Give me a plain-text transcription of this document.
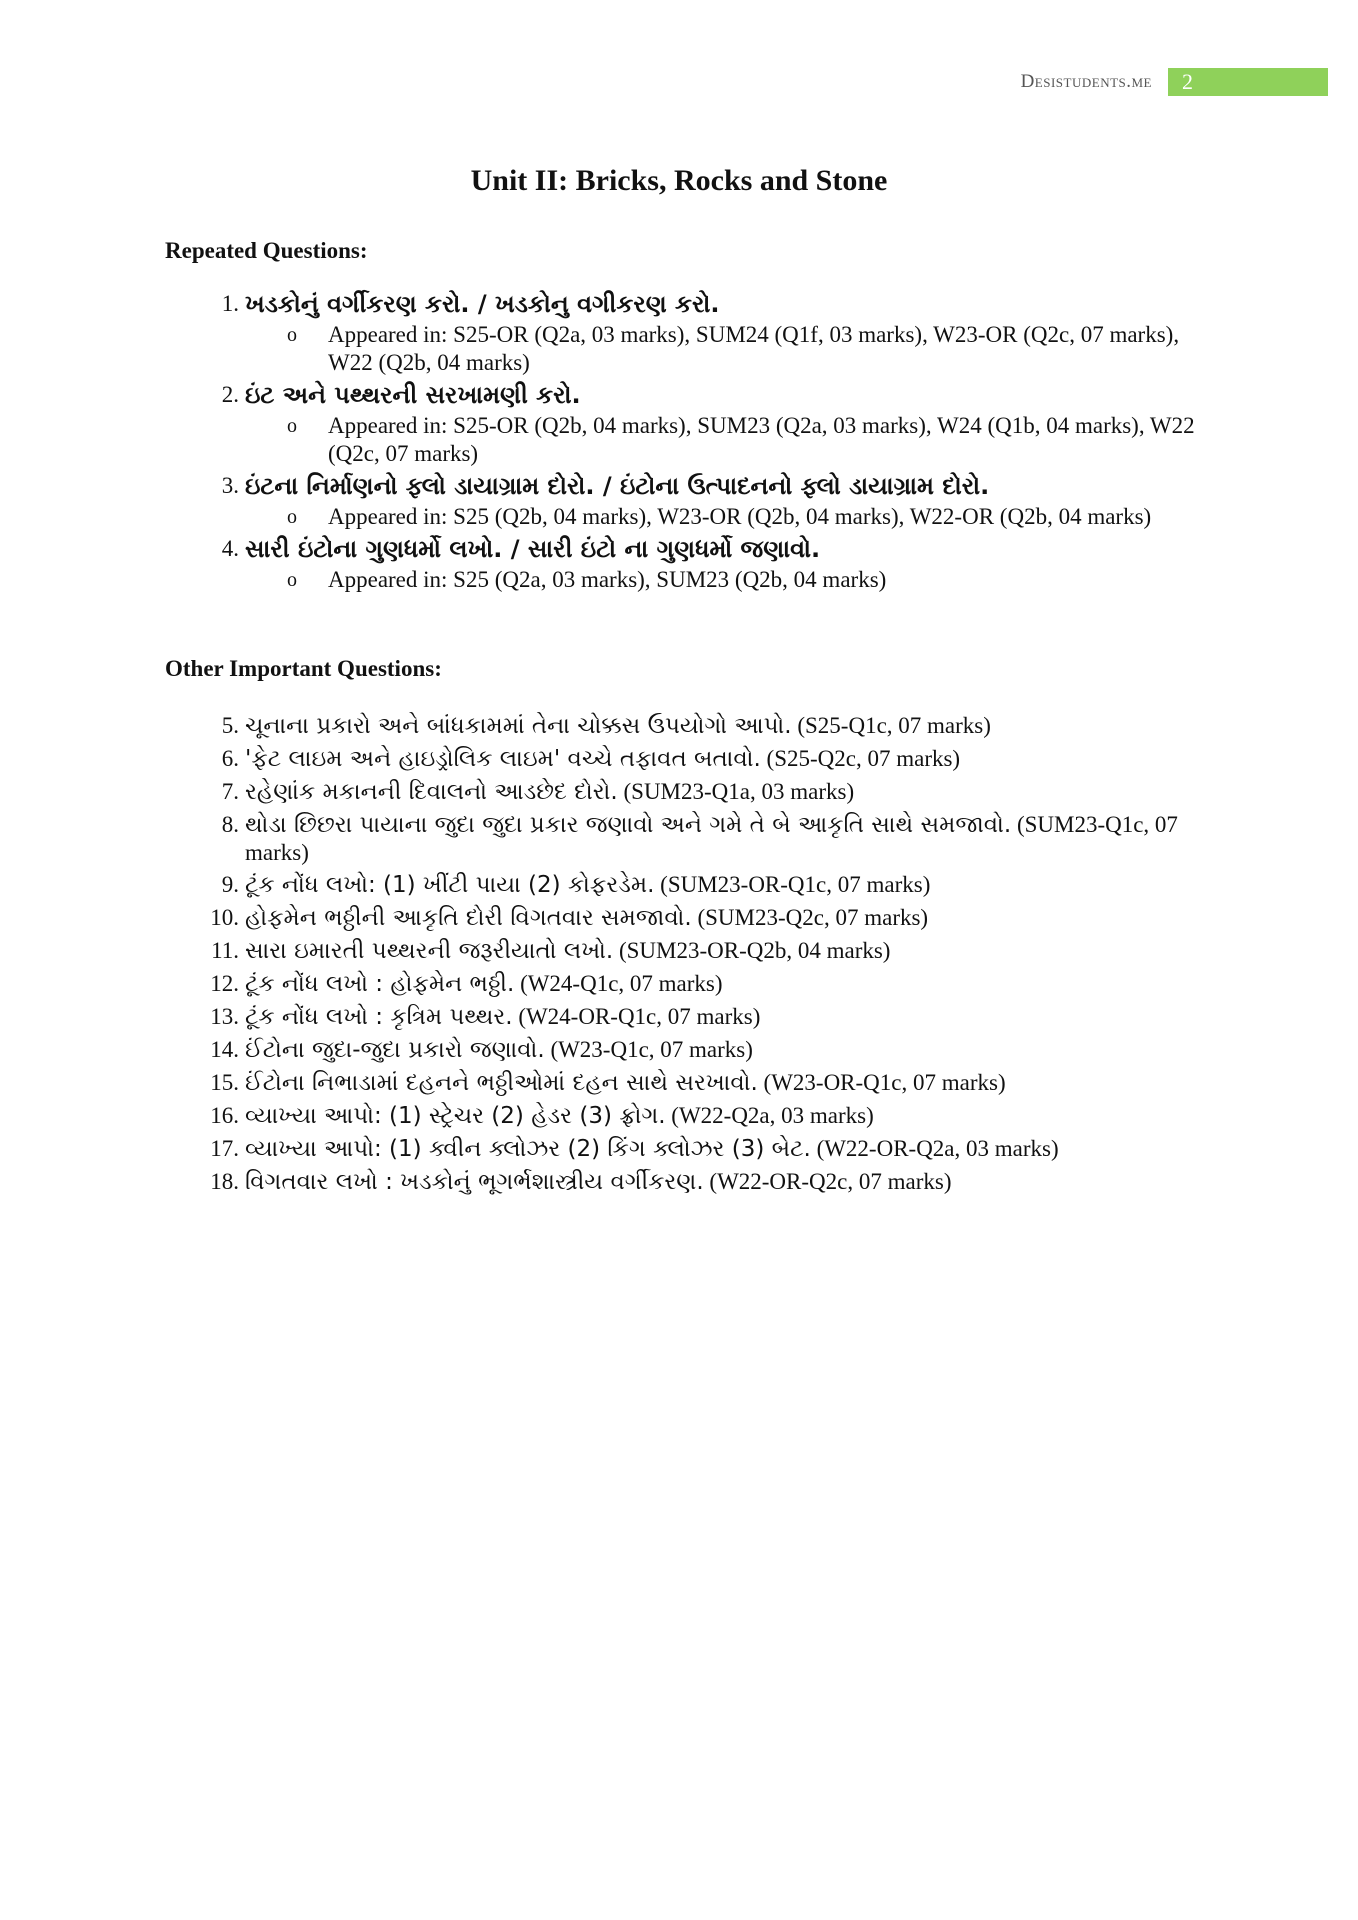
Desistudents.me	2
Unit II: Bricks, Rocks and Stone
Repeated Questions:
1. ખડકોનું વર્ગીકરણ કરો. / ખડકોનુ વગીકરણ કરો.
o Appeared in: S25-OR (Q2a, 03 marks), SUM24 (Q1f, 03 marks), W23-OR (Q2c, 07 marks), W22 (Q2b, 04 marks)
2. ઇંટ અને પથ્થરની સરખામણી કરો.
o Appeared in: S25-OR (Q2b, 04 marks), SUM23 (Q2a, 03 marks), W24 (Q1b, 04 marks), W22 (Q2c, 07 marks)
3. ઇંટના નિર્માણનો ફ્લો ડાયાગ્રામ દોરો. / ઇંટોના ઉત્પાદનનો ફ્લો ડાયાગ્રામ દોરો.
o Appeared in: S25 (Q2b, 04 marks), W23-OR (Q2b, 04 marks), W22-OR (Q2b, 04 marks)
4. સારી ઇંટોના ગુણધર્મો લખો. / સારી ઇંટો ના ગુણધર્મો જણાવો.
o Appeared in: S25 (Q2a, 03 marks), SUM23 (Q2b, 04 marks)
Other Important Questions:
5. ચૂનાના પ્રકારો અને બાંધકામમાં તેના ચોક્કસ ઉપયોગો આપો. (S25-Q1c, 07 marks)
6. 'ફેટ લાઇમ અને હાઇડ્રોલિક લાઇમ' વચ્ચે તફાવત બતાવો. (S25-Q2c, 07 marks)
7. રહેણાંક મકાનની દિવાલનો આડછેદ દોરો. (SUM23-Q1a, 03 marks)
8. થોડા છિછરા પાયાના જુદા જુદા પ્રકાર જણાવો અને ગમે તે બે આકૃતિ સાથે સમજાવો. (SUM23-Q1c, 07 marks)
9. ટૂંક નોંધ લખો: (1) ખીંટી પાયા (2) કોફરડેમ. (SUM23-OR-Q1c, 07 marks)
10. હોફમેન ભઠ્ઠીની આકૃતિ દોરી વિગતવાર સમજાવો. (SUM23-Q2c, 07 marks)
11. સારા ઇમારતી પથ્થરની જરૂરીયાતો લખો. (SUM23-OR-Q2b, 04 marks)
12. ટૂંક નોંધ લખો : હોફમેન ભઠ્ઠી. (W24-Q1c, 07 marks)
13. ટૂંક નોંધ લખો : કૃત્રિમ પથ્થર. (W24-OR-Q1c, 07 marks)
14. ઈંટોના જુદા-જુદા પ્રકારો જણાવો. (W23-Q1c, 07 marks)
15. ઈંટોના નિભાડામાં દહનને ભઠ્ઠીઓમાં દહન સાથે સરખાવો. (W23-OR-Q1c, 07 marks)
16. વ્યાખ્યા આપો: (1) સ્ટ્રેચર (2) હેડર (3) ફ્રોગ. (W22-Q2a, 03 marks)
17. વ્યાખ્યા આપો: (1) ક્વીન ક્લોઝર (2) કિંગ ક્લોઝર (3) બેટ. (W22-OR-Q2a, 03 marks)
18. વિગતવાર લખો : ખડકોનું ભૂગર્ભશાસ્ત્રીય વર્ગીકરણ. (W22-OR-Q2c, 07 marks)
